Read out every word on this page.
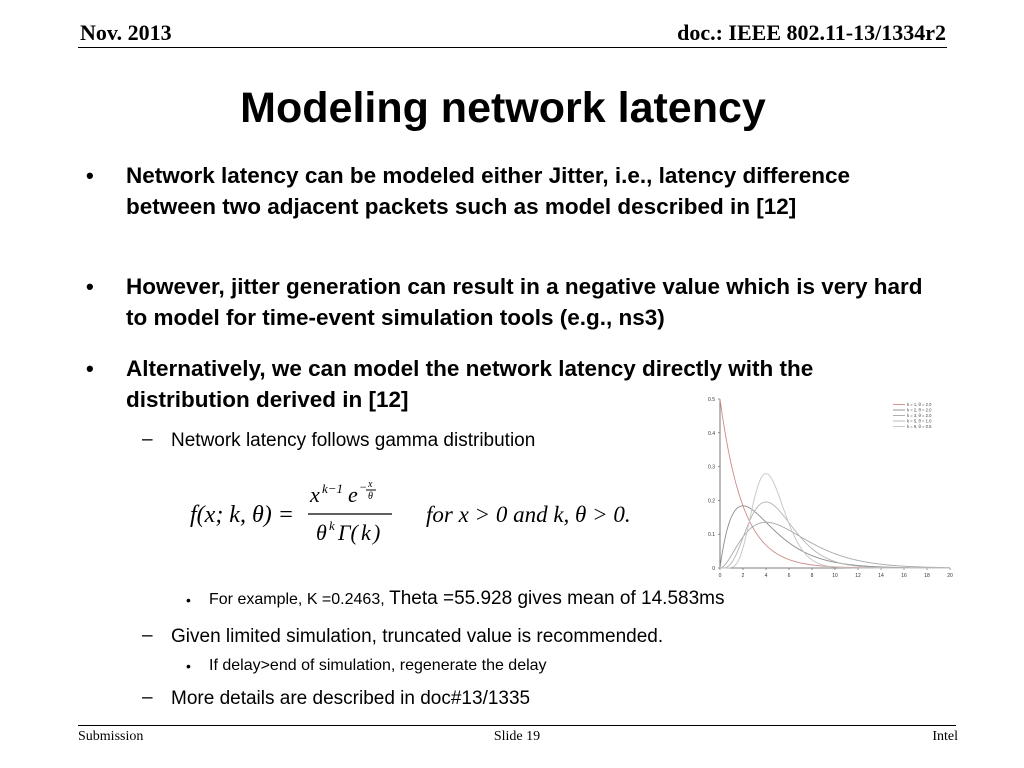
Nov. 2013	doc.: IEEE 802.11-13/1334r2
Modeling network latency
• Network latency can be modeled either Jitter, i.e., latency difference between two adjacent packets such as model described in [12]
• However, jitter generation can result in a negative value which is very hard to model for time-event simulation tools (e.g., ns3)
• Alternatively, we can model the network latency directly with the distribution derived in [12]
– Network latency follows gamma distribution
f(x; k, θ) =
x k−1 e − x
θ
θ k Γ( k )
for x > 0 and k, θ > 0.
0	2	4	6	8	10	12	14	16	18	20
0
0.1
0.2
0.3
0.4
0.5
k = 1, θ = 2.0
k = 2, θ = 2.0
k = 3, θ = 2.0
k = 5, θ = 1.0
k = 9, θ = 0.5
• For example, K =0.2463, Theta =55.928 gives mean of 14.583ms
– Given limited simulation, truncated value is recommended.
• If delay>end of simulation, regenerate the delay
– More details are described in doc#13/1335
Submission	Slide 19	Intel
